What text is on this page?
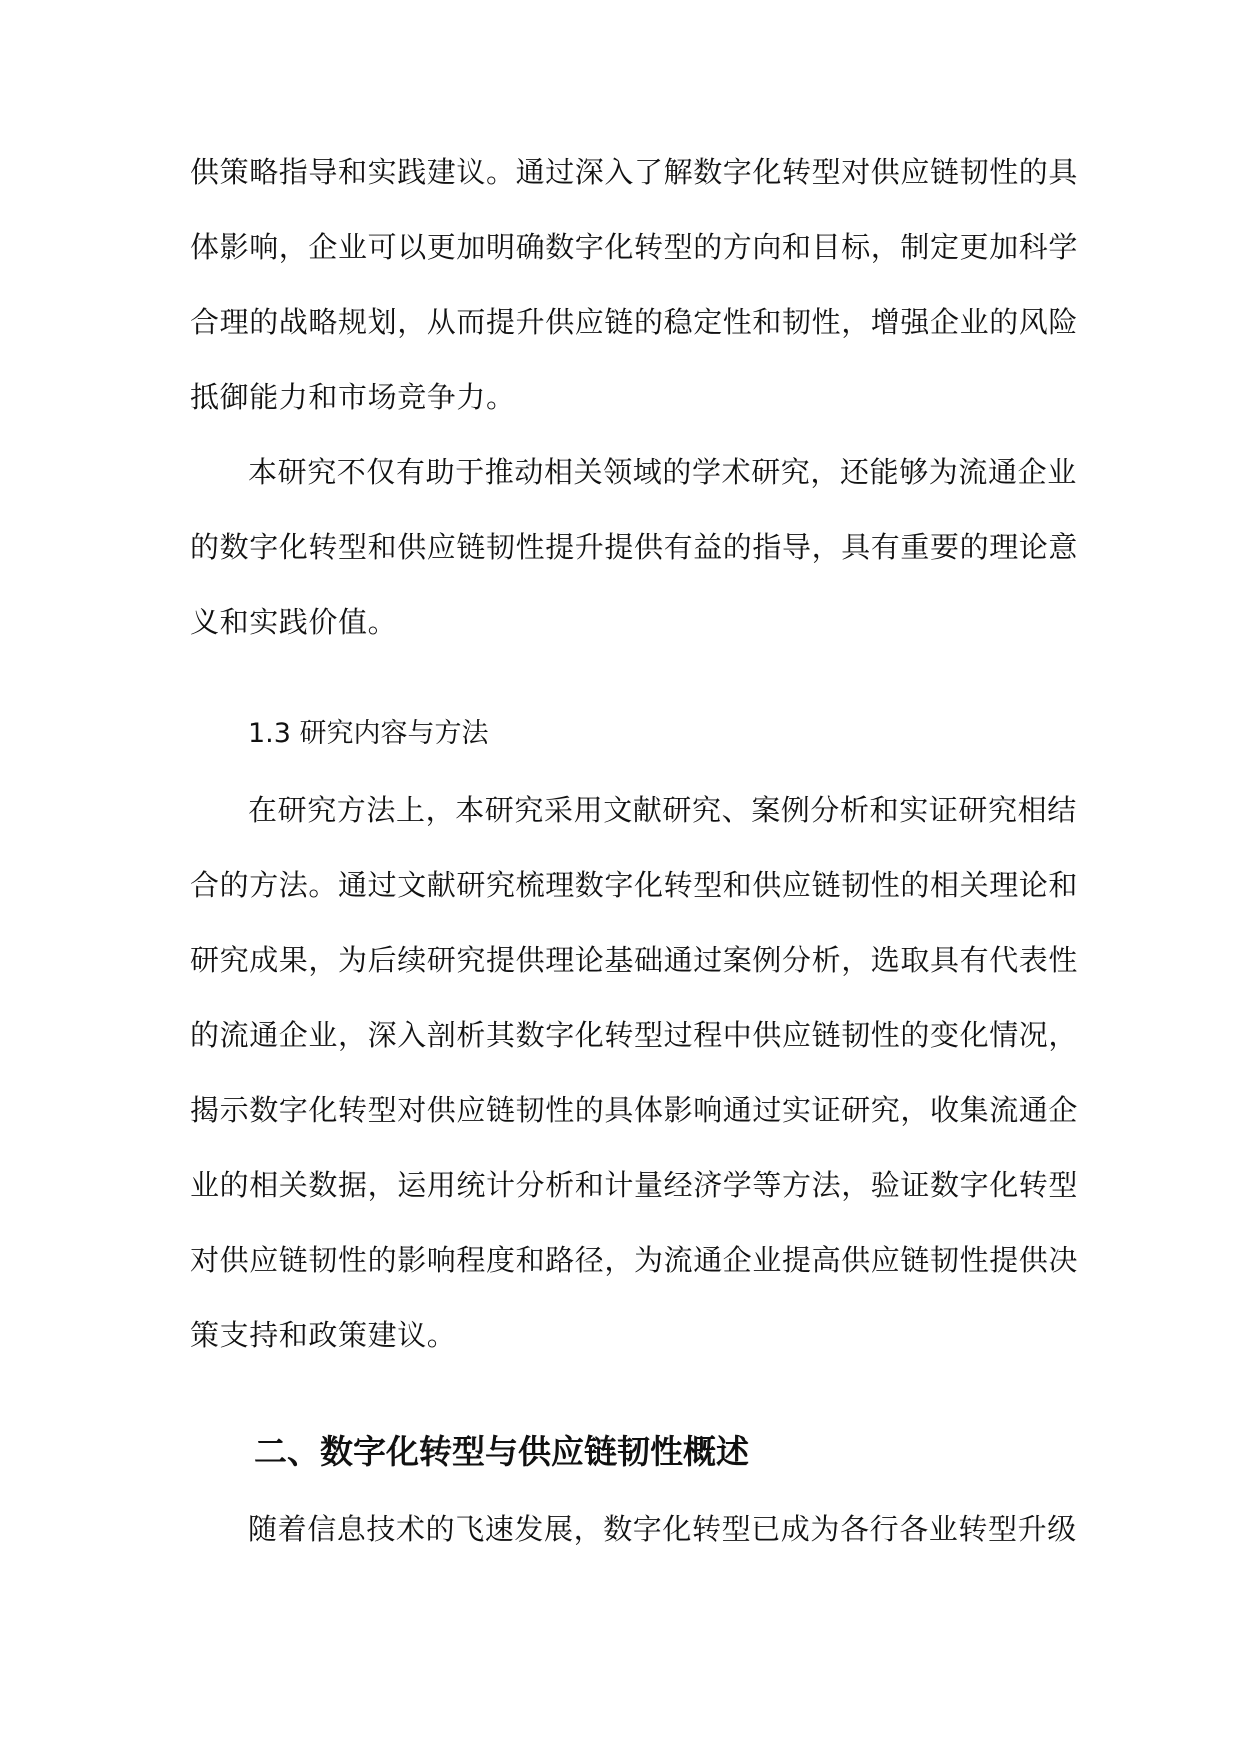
供策略指导和实践建议。通过深入了解数字化转型对供应链韧性的具
体影响，企业可以更加明确数字化转型的方向和目标，制定更加科学
合理的战略规划，从而提升供应链的稳定性和韧性，增强企业的风险
抵御能力和市场竞争力。
本研究不仅有助于推动相关领域的学术研究，还能够为流通企业
的数字化转型和供应链韧性提升提供有益的指导，具有重要的理论意
义和实践价值。
1.3 研究内容与方法
在研究方法上，本研究采用文献研究、案例分析和实证研究相结
合的方法。通过文献研究梳理数字化转型和供应链韧性的相关理论和
研究成果，为后续研究提供理论基础通过案例分析，选取具有代表性
的流通企业，深入剖析其数字化转型过程中供应链韧性的变化情况，
揭示数字化转型对供应链韧性的具体影响通过实证研究，收集流通企
业的相关数据，运用统计分析和计量经济学等方法，验证数字化转型
对供应链韧性的影响程度和路径，为流通企业提高供应链韧性提供决
策支持和政策建议。
二、数字化转型与供应链韧性概述
随着信息技术的飞速发展，数字化转型已成为各行各业转型升级
